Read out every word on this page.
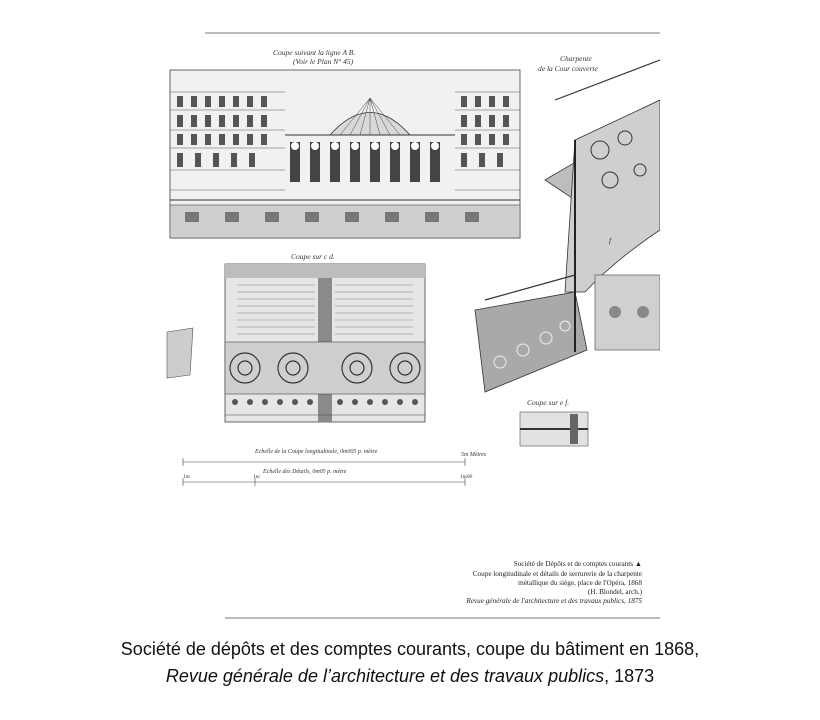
Coupe suivant la ligne A B.
(Voir le Plan N° 45)	Charpente
de la Cour couverte
Coupe sur c d.
Coupe sur e f.
f
Echelle de la Coupe longitudinale, 0m005 p. mètre	5m Mètres
Echelle des Détails, 0m05 p. mètre
1m	1m	1m00
Société de Dépôts et de comptes courants ▲
Coupe longitudinale et détails de serrurerie de la charpente
métallique du siège, place de l'Opéra, 1868
(H. Blondel, arch.)
Revue générale de l'architecture et des travaux publics, 1875
Société de dépôts et des comptes courants, coupe du bâtiment en 1868,
Revue générale de l’architecture et des travaux publics, 1873
